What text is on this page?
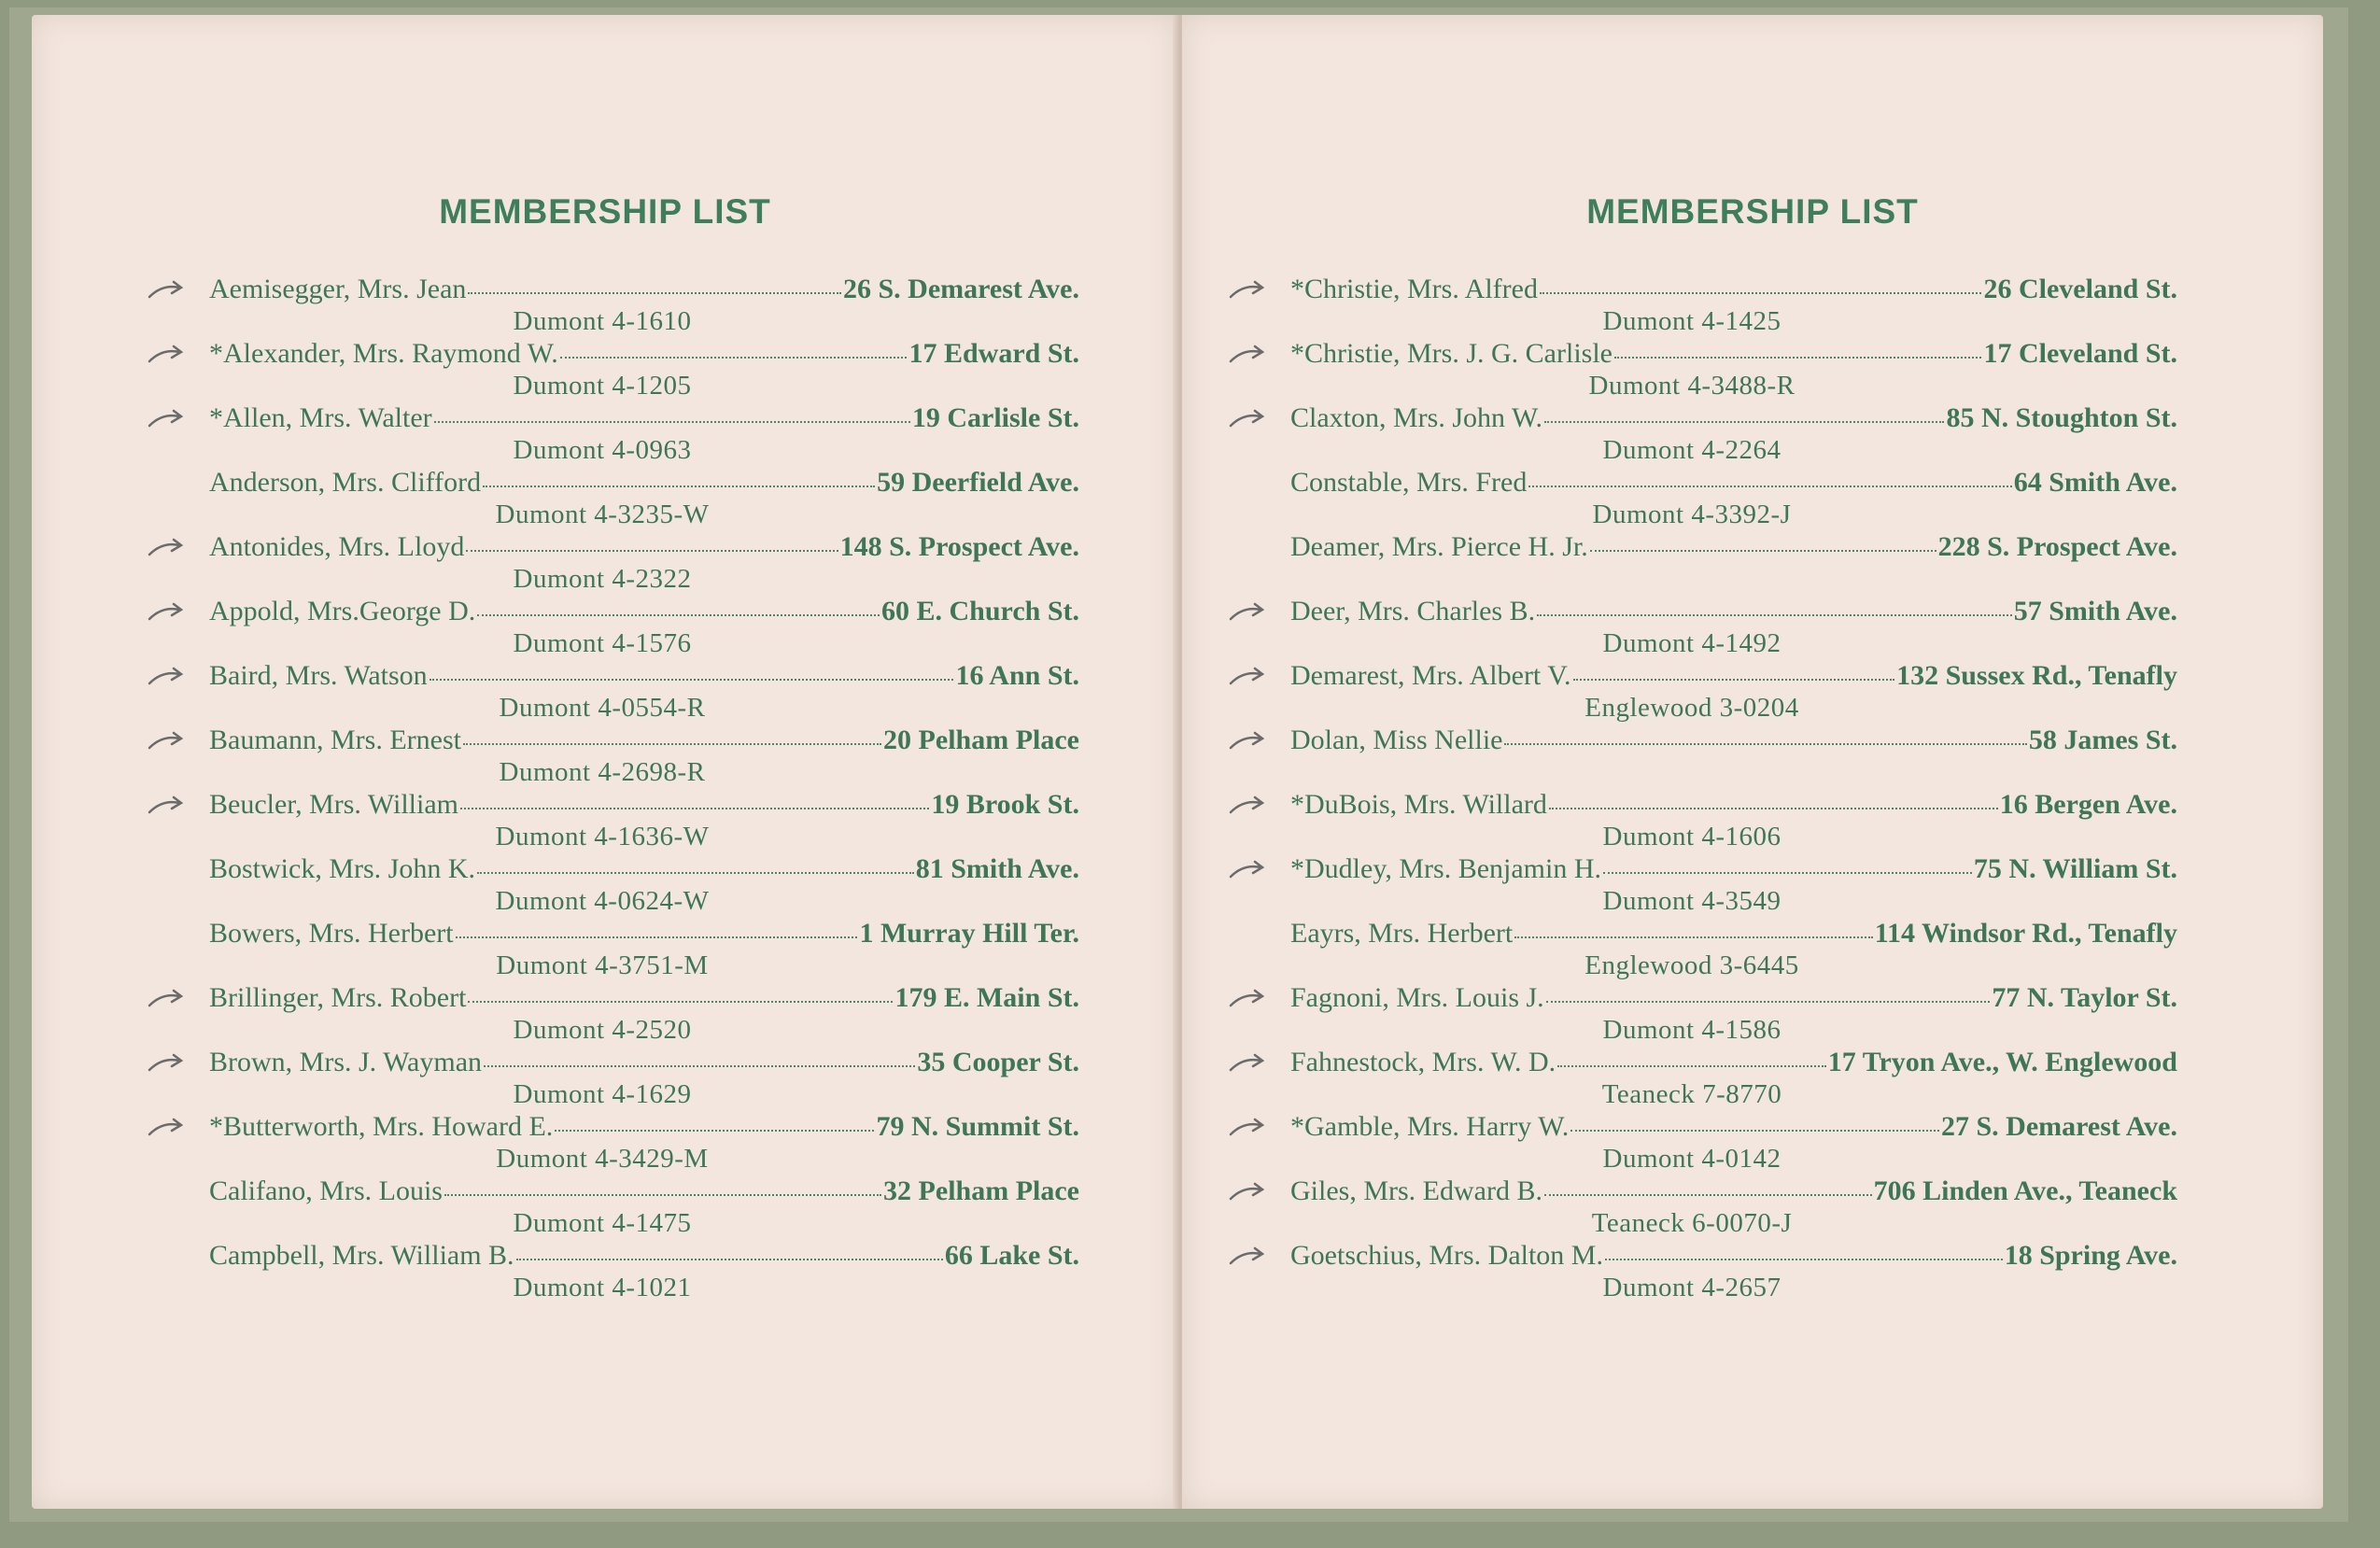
MEMBERSHIP LIST
Aemisegger, Mrs. Jean	26 S. Demarest Ave.
Dumont 4-1610
*Alexander, Mrs. Raymond W.	17 Edward St.
Dumont 4-1205
*Allen, Mrs. Walter	19 Carlisle St.
Dumont 4-0963
Anderson, Mrs. Clifford	59 Deerfield Ave.
Dumont 4-3235-W
Antonides, Mrs. Lloyd	148 S. Prospect Ave.
Dumont 4-2322
Appold, Mrs.George D.	60 E. Church St.
Dumont 4-1576
Baird, Mrs. Watson	16 Ann St.
Dumont 4-0554-R
Baumann, Mrs. Ernest	20 Pelham Place
Dumont 4-2698-R
Beucler, Mrs. William	19 Brook St.
Dumont 4-1636-W
Bostwick, Mrs. John K.	81 Smith Ave.
Dumont 4-0624-W
Bowers, Mrs. Herbert	1 Murray Hill Ter.
Dumont 4-3751-M
Brillinger, Mrs. Robert	179 E. Main St.
Dumont 4-2520
Brown, Mrs. J. Wayman	35 Cooper St.
Dumont 4-1629
*Butterworth, Mrs. Howard E.	79 N. Summit St.
Dumont 4-3429-M
Califano, Mrs. Louis	32 Pelham Place
Dumont 4-1475
Campbell, Mrs. William B.	66 Lake St.
Dumont 4-1021
MEMBERSHIP LIST
*Christie, Mrs. Alfred	26 Cleveland St.
Dumont 4-1425
*Christie, Mrs. J. G. Carlisle	17 Cleveland St.
Dumont 4-3488-R
Claxton, Mrs. John W.	85 N. Stoughton St.
Dumont 4-2264
Constable, Mrs. Fred	64 Smith Ave.
Dumont 4-3392-J
Deamer, Mrs. Pierce H. Jr.	228 S. Prospect Ave.
Deer, Mrs. Charles B.	57 Smith Ave.
Dumont 4-1492
Demarest, Mrs. Albert V.	132 Sussex Rd., Tenafly
Englewood 3-0204
Dolan, Miss Nellie	58 James St.
*DuBois, Mrs. Willard	16 Bergen Ave.
Dumont 4-1606
*Dudley, Mrs. Benjamin H.	75 N. William St.
Dumont 4-3549
Eayrs, Mrs. Herbert	114 Windsor Rd., Tenafly
Englewood 3-6445
Fagnoni, Mrs. Louis J.	77 N. Taylor St.
Dumont 4-1586
Fahnestock, Mrs. W. D.	17 Tryon Ave., W. Englewood
Teaneck 7-8770
*Gamble, Mrs. Harry W.	27 S. Demarest Ave.
Dumont 4-0142
Giles, Mrs. Edward B.	706 Linden Ave., Teaneck
Teaneck 6-0070-J
Goetschius, Mrs. Dalton M.	18 Spring Ave.
Dumont 4-2657
